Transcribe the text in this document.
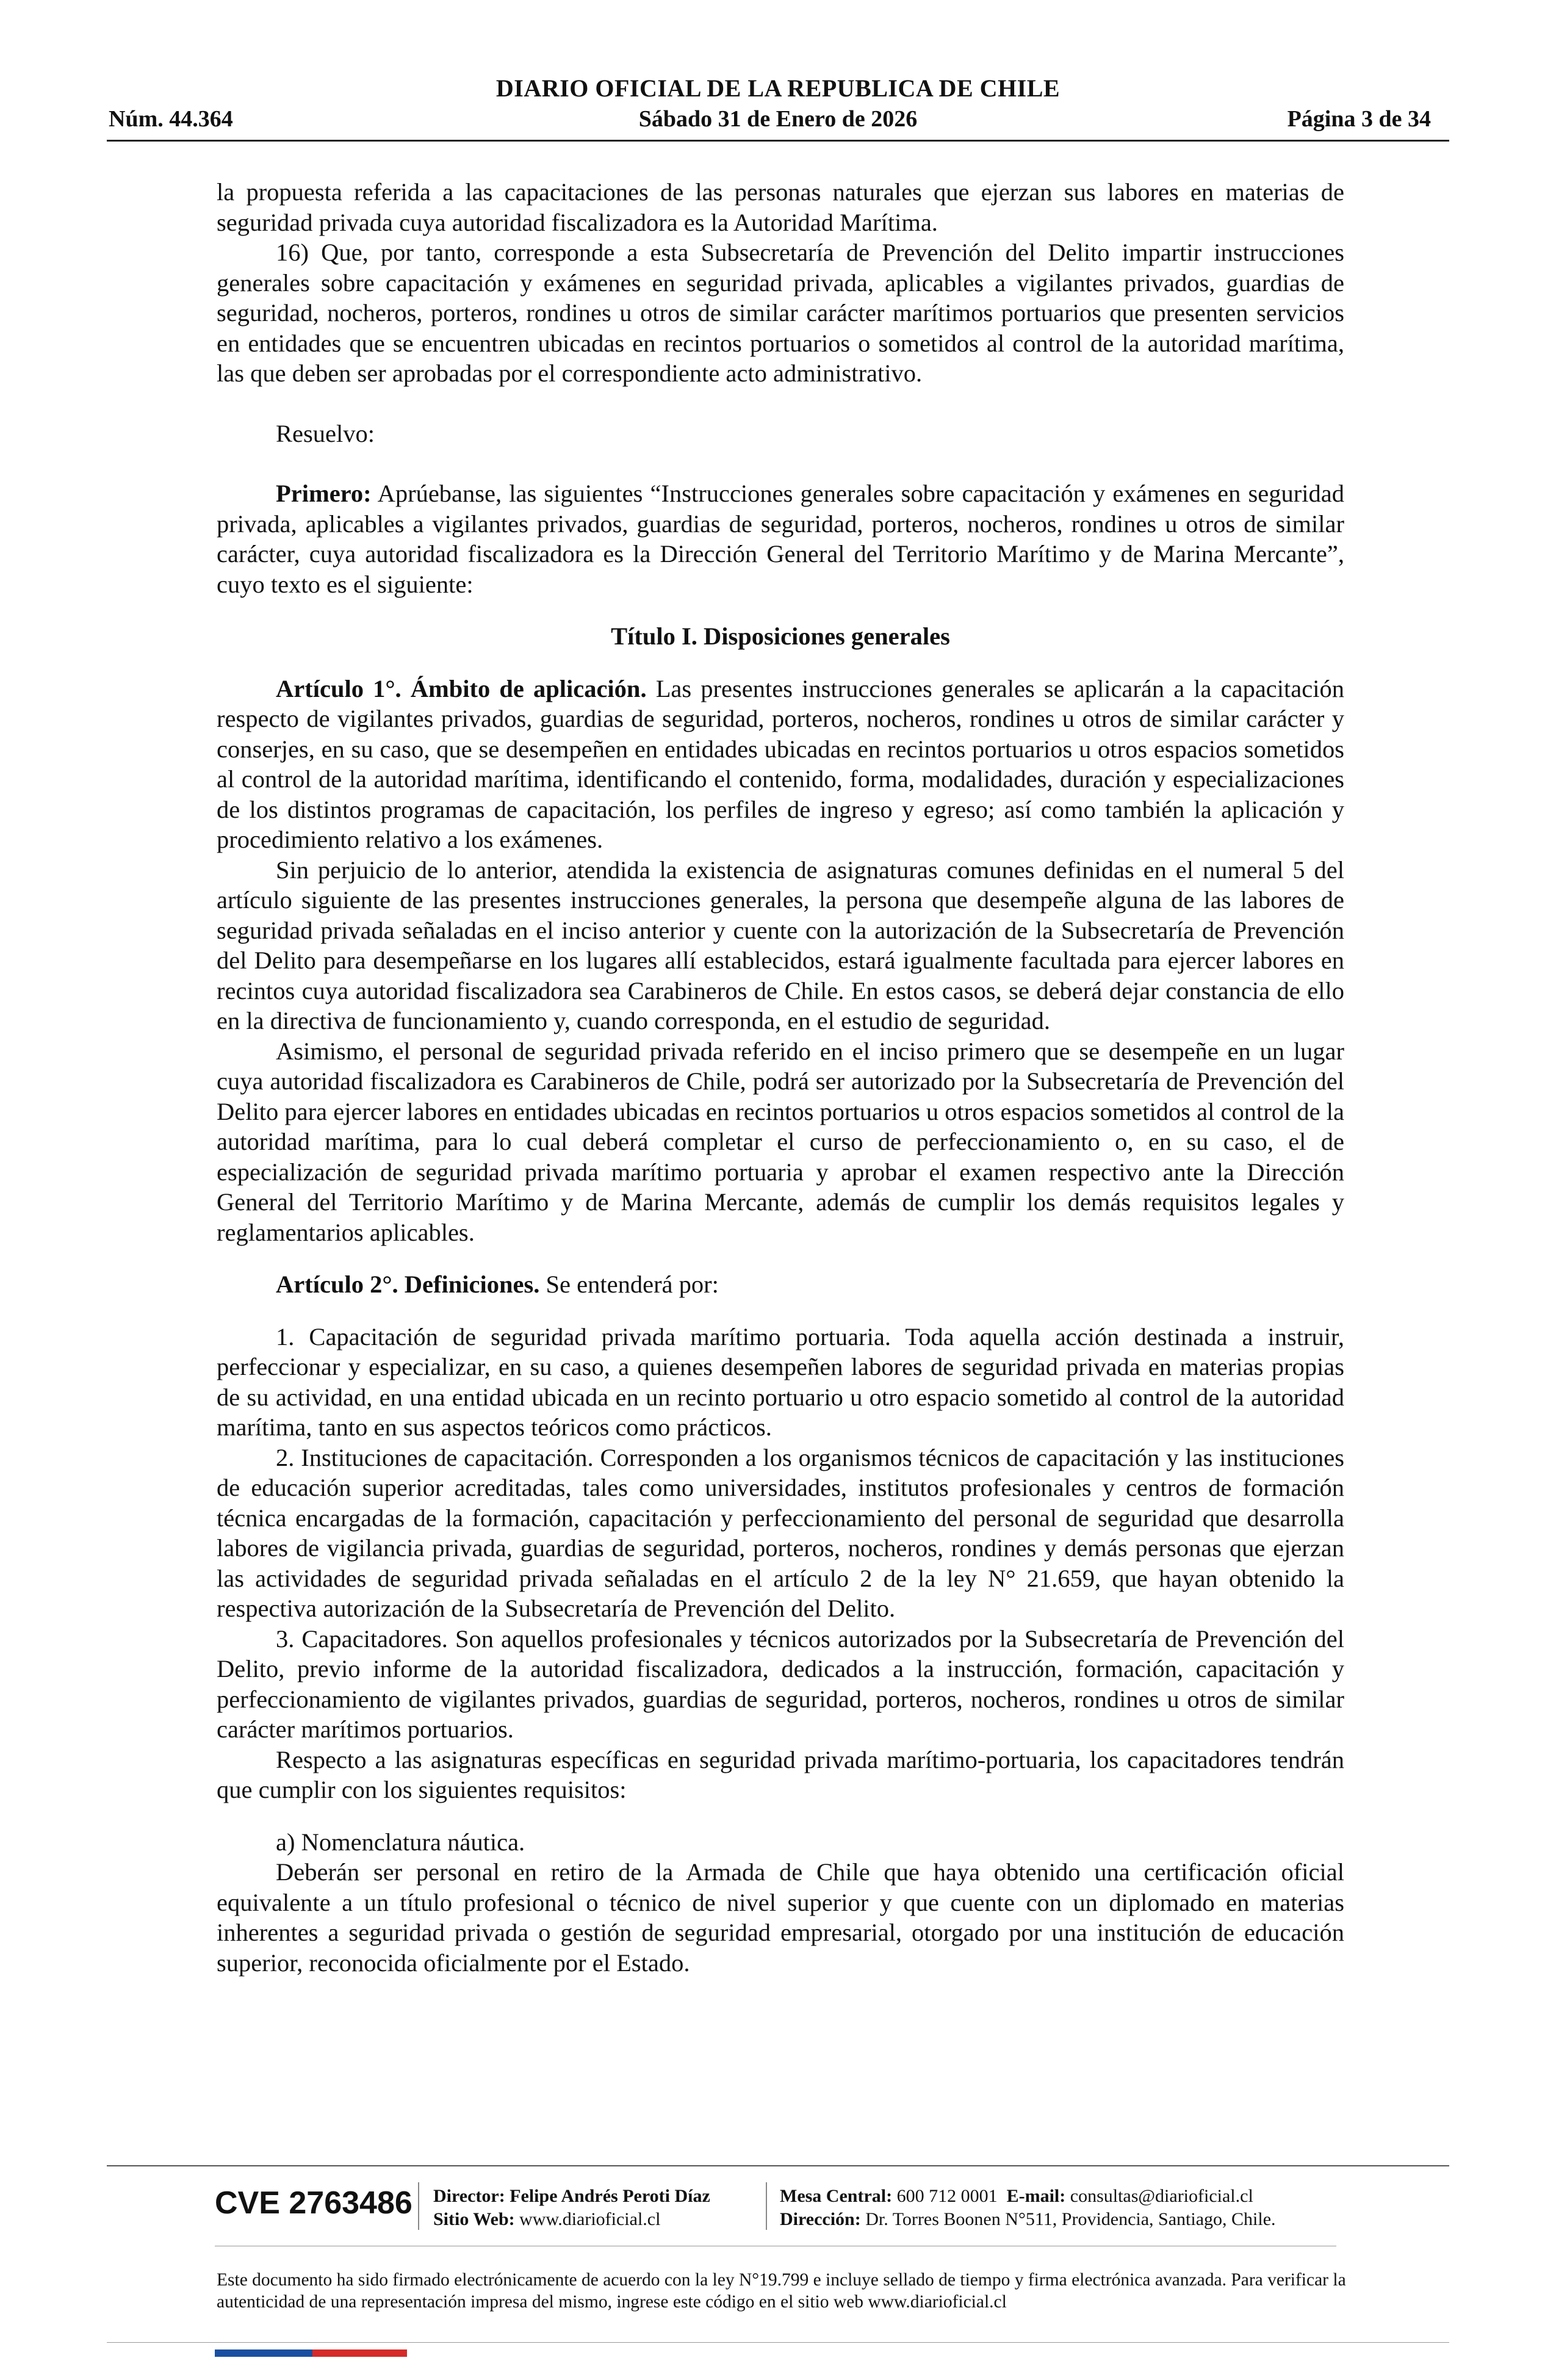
DIARIO OFICIAL DE LA REPUBLICA DE CHILE
Núm. 44.364	Sábado 31 de Enero de 2026	Página 3 de 34

la propuesta referida a las capacitaciones de las personas naturales que ejerzan sus labores en materias de seguridad privada cuya autoridad fiscalizadora es la Autoridad Marítima.

16) Que, por tanto, corresponde a esta Subsecretaría de Prevención del Delito impartir instrucciones generales sobre capacitación y exámenes en seguridad privada, aplicables a vigilantes privados, guardias de seguridad, nocheros, porteros, rondines u otros de similar carácter marítimos portuarios que presenten servicios en entidades que se encuentren ubicadas en recintos portuarios o sometidos al control de la autoridad marítima, las que deben ser aprobadas por el correspondiente acto administrativo.

Resuelvo:

Primero: Aprúebanse, las siguientes “Instrucciones generales sobre capacitación y exámenes en seguridad privada, aplicables a vigilantes privados, guardias de seguridad, porteros, nocheros, rondines u otros de similar carácter, cuya autoridad fiscalizadora es la Dirección General del Territorio Marítimo y de Marina Mercante”, cuyo texto es el siguiente:

Título I. Disposiciones generales

Artículo 1°. Ámbito de aplicación. Las presentes instrucciones generales se aplicarán a la capacitación respecto de vigilantes privados, guardias de seguridad, porteros, nocheros, rondines u otros de similar carácter y conserjes, en su caso, que se desempeñen en entidades ubicadas en recintos portuarios u otros espacios sometidos al control de la autoridad marítima, identificando el contenido, forma, modalidades, duración y especializaciones de los distintos programas de capacitación, los perfiles de ingreso y egreso; así como también la aplicación y procedimiento relativo a los exámenes.

Sin perjuicio de lo anterior, atendida la existencia de asignaturas comunes definidas en el numeral 5 del artículo siguiente de las presentes instrucciones generales, la persona que desempeñe alguna de las labores de seguridad privada señaladas en el inciso anterior y cuente con la autorización de la Subsecretaría de Prevención del Delito para desempeñarse en los lugares allí establecidos, estará igualmente facultada para ejercer labores en recintos cuya autoridad fiscalizadora sea Carabineros de Chile. En estos casos, se deberá dejar constancia de ello en la directiva de funcionamiento y, cuando corresponda, en el estudio de seguridad.

Asimismo, el personal de seguridad privada referido en el inciso primero que se desempeñe en un lugar cuya autoridad fiscalizadora es Carabineros de Chile, podrá ser autorizado por la Subsecretaría de Prevención del Delito para ejercer labores en entidades ubicadas en recintos portuarios u otros espacios sometidos al control de la autoridad marítima, para lo cual deberá completar el curso de perfeccionamiento o, en su caso, el de especialización de seguridad privada marítimo portuaria y aprobar el examen respectivo ante la Dirección General del Territorio Marítimo y de Marina Mercante, además de cumplir los demás requisitos legales y reglamentarios aplicables.

Artículo 2°. Definiciones. Se entenderá por:

1. Capacitación de seguridad privada marítimo portuaria. Toda aquella acción destinada a instruir, perfeccionar y especializar, en su caso, a quienes desempeñen labores de seguridad privada en materias propias de su actividad, en una entidad ubicada en un recinto portuario u otro espacio sometido al control de la autoridad marítima, tanto en sus aspectos teóricos como prácticos.

2. Instituciones de capacitación. Corresponden a los organismos técnicos de capacitación y las instituciones de educación superior acreditadas, tales como universidades, institutos profesionales y centros de formación técnica encargadas de la formación, capacitación y perfeccionamiento del personal de seguridad que desarrolla labores de vigilancia privada, guardias de seguridad, porteros, nocheros, rondines y demás personas que ejerzan las actividades de seguridad privada señaladas en el artículo 2 de la ley N° 21.659, que hayan obtenido la respectiva autorización de la Subsecretaría de Prevención del Delito.

3. Capacitadores. Son aquellos profesionales y técnicos autorizados por la Subsecretaría de Prevención del Delito, previo informe de la autoridad fiscalizadora, dedicados a la instrucción, formación, capacitación y perfeccionamiento de vigilantes privados, guardias de seguridad, porteros, nocheros, rondines u otros de similar carácter marítimos portuarios.

Respecto a las asignaturas específicas en seguridad privada marítimo-portuaria, los capacitadores tendrán que cumplir con los siguientes requisitos:

a) Nomenclatura náutica.

Deberán ser personal en retiro de la Armada de Chile que haya obtenido una certificación oficial equivalente a un título profesional o técnico de nivel superior y que cuente con un diplomado en materias inherentes a seguridad privada o gestión de seguridad empresarial, otorgado por una institución de educación superior, reconocida oficialmente por el Estado.

CVE 2763486 Director: Felipe Andrés Peroti Díaz
Sitio Web: www.diarioficial.cl
Mesa Central: 600 712 0001 E-mail: consultas@diarioficial.cl
Dirección: Dr. Torres Boonen N°511, Providencia, Santiago, Chile.
Este documento ha sido firmado electrónicamente de acuerdo con la ley N°19.799 e incluye sellado de tiempo y firma electrónica avanzada. Para verificar la autenticidad de una representación impresa del mismo, ingrese este código en el sitio web www.diarioficial.cl
